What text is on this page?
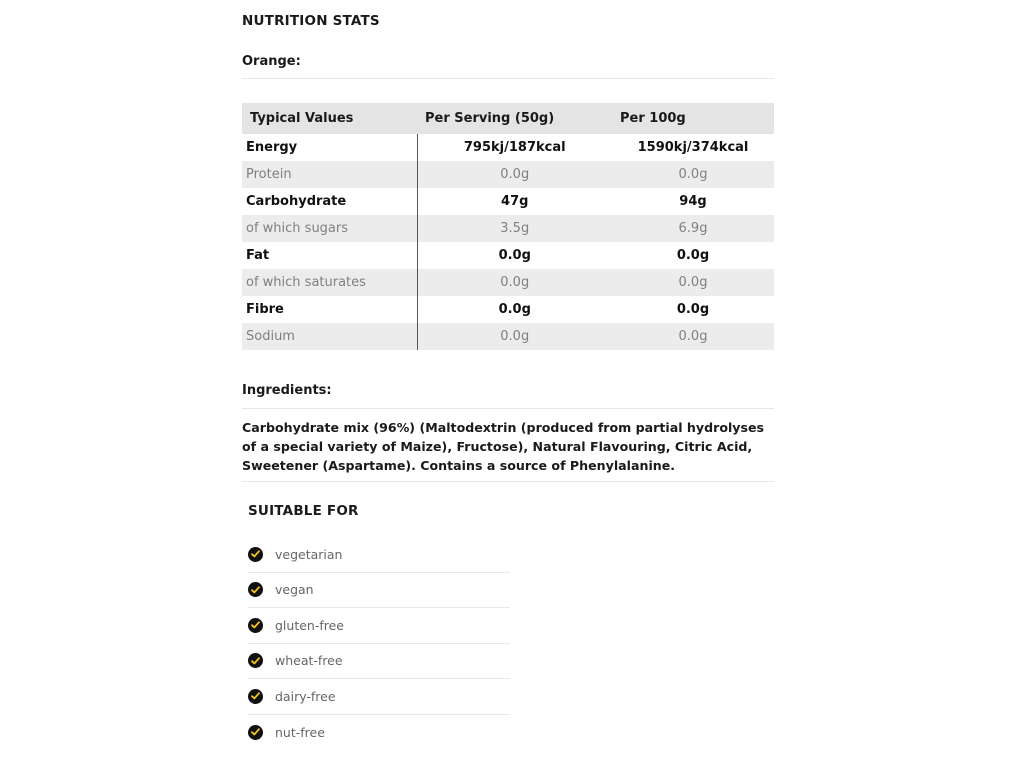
NUTRITION STATS
Orange:
Typical Values	Per Serving (50g)	Per 100g
Energy	795kj/187kcal	1590kj/374kcal
Protein	0.0g	0.0g
Carbohydrate	47g	94g
of which sugars	3.5g	6.9g
Fat	0.0g	0.0g
of which saturates	0.0g	0.0g
Fibre	0.0g	0.0g
Sodium	0.0g	0.0g
Ingredients:

Carbohydrate mix (96%) (Maltodextrin (produced from partial hydrolyses of a special variety of Maize), Fructose), Natural Flavouring, Citric Acid, Sweetener (Aspartame). Contains a source of Phenylalanine.

SUITABLE FOR
vegetarian
vegan
gluten-free
wheat-free
dairy-free
nut-free
